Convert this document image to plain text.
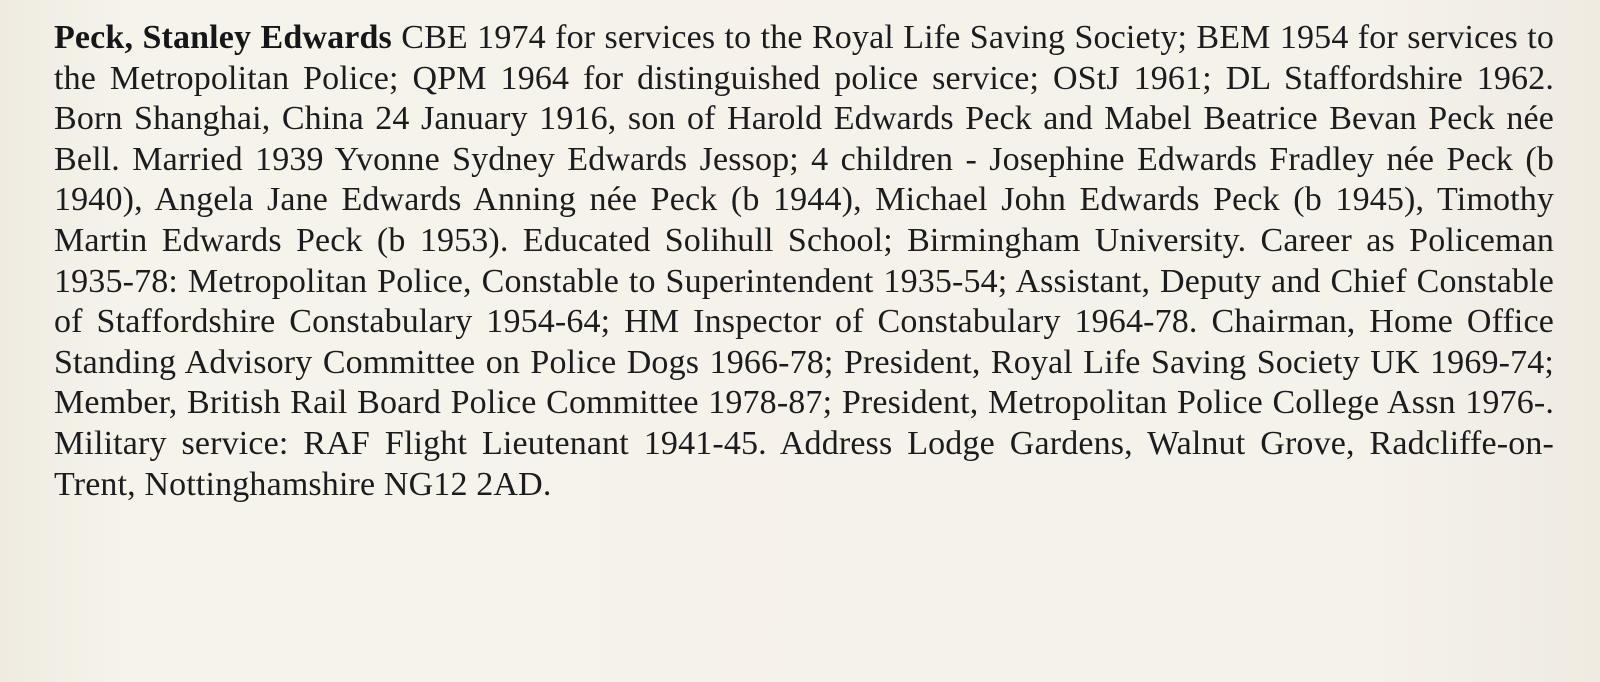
Peck, Stanley Edwards CBE 1974 for services to the Royal Life Saving Society; BEM 1954 for services to the Metropolitan Police; QPM 1964 for distinguished police service; OStJ 1961; DL Staffordshire 1962. Born Shanghai, China 24 January 1916, son of Harold Edwards Peck and Mabel Beatrice Bevan Peck née Bell. Married 1939 Yvonne Sydney Edwards Jessop; 4 children - Josephine Edwards Fradley née Peck (b 1940), Angela Jane Edwards Anning née Peck (b 1944), Michael John Edwards Peck (b 1945), Timothy Martin Edwards Peck (b 1953). Educated Solihull School; Birmingham University. Career as Policeman 1935-78: Metropolitan Police, Constable to Superintendent 1935-54; Assistant, Deputy and Chief Constable of Staffordshire Constabulary 1954-64; HM Inspector of Constabulary 1964-78. Chairman, Home Office Standing Advisory Committee on Police Dogs 1966-78; President, Royal Life Saving Society UK 1969-74; Member, British Rail Board Police Committee 1978-87; President, Metropolitan Police College Assn 1976-. Military service: RAF Flight Lieutenant 1941-45. Address Lodge Gardens, Walnut Grove, Radcliffe-on-Trent, Nottinghamshire NG12 2AD.
